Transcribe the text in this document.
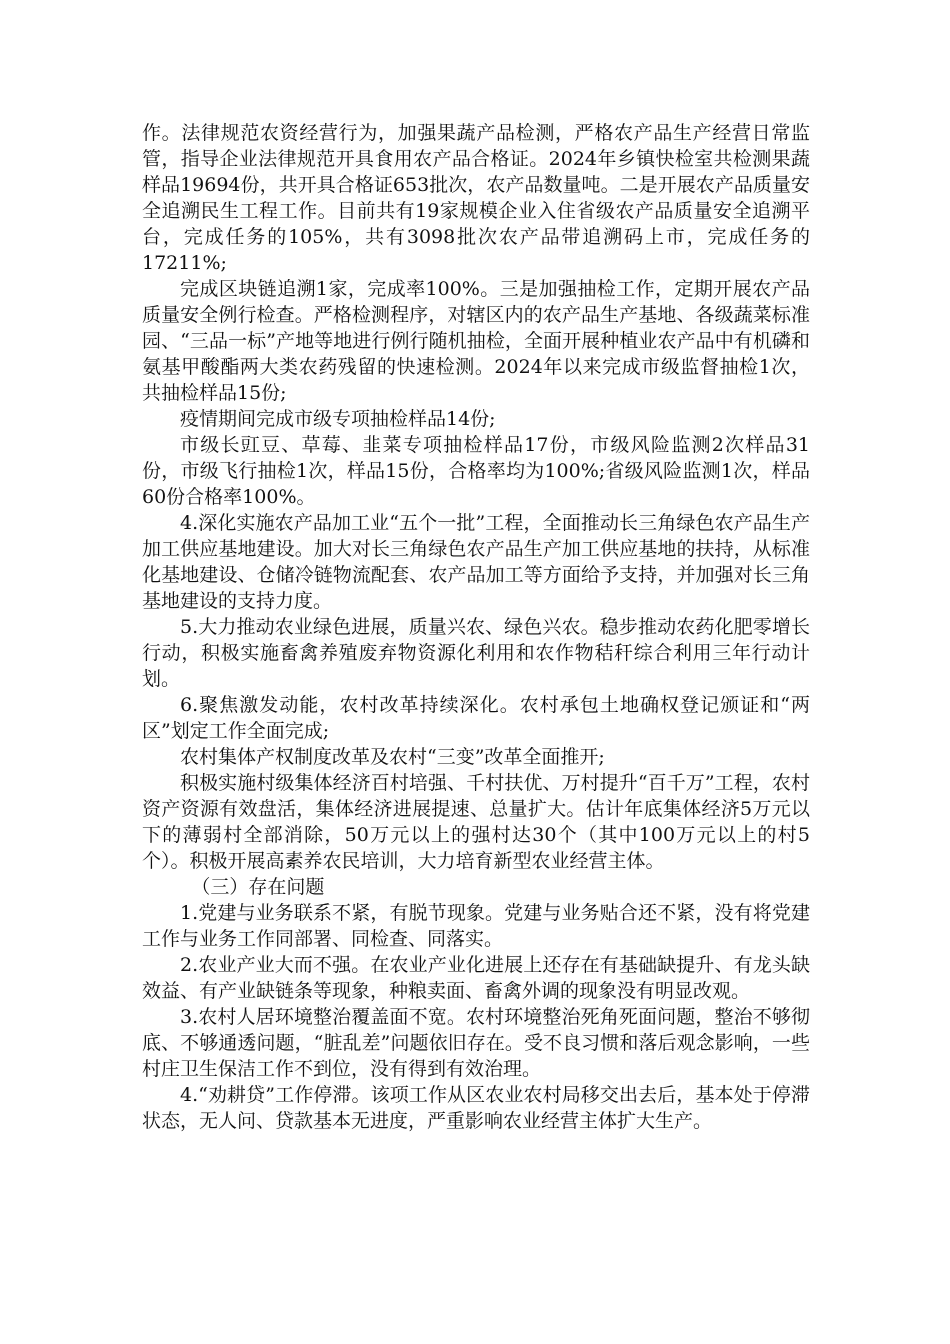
作。法律规范农资经营行为，加强果蔬产品检测，严格农产品生产经营日常监管，指导企业法律规范开具食用农产品合格证。2024年乡镇快检室共检测果蔬样品19694份，共开具合格证653批次，农产品数量吨。二是开展农产品质量安全追溯民生工程工作。目前共有19家规模企业入住省级农产品质量安全追溯平台，完成任务的105%，共有3098批次农产品带追溯码上市，完成任务的17211%;

完成区块链追溯1家，完成率100%。三是加强抽检工作，定期开展农产品质量安全例行检查。严格检测程序，对辖区内的农产品生产基地、各级蔬菜标准园、“三品一标”产地等地进行例行随机抽检，全面开展种植业农产品中有机磷和氨基甲酸酯两大类农药残留的快速检测。2024年以来完成市级监督抽检1次，共抽检样品15份;

疫情期间完成市级专项抽检样品14份;

市级长豇豆、草莓、韭菜专项抽检样品17份，市级风险监测2次样品31份，市级飞行抽检1次，样品15份，合格率均为100%;省级风险监测1次，样品60份合格率100%。

4.深化实施农产品加工业“五个一批”工程，全面推动长三角绿色农产品生产加工供应基地建设。加大对长三角绿色农产品生产加工供应基地的扶持，从标准化基地建设、仓储冷链物流配套、农产品加工等方面给予支持，并加强对长三角基地建设的支持力度。

5.大力推动农业绿色进展，质量兴农、绿色兴农。稳步推动农药化肥零增长行动，积极实施畜禽养殖废弃物资源化利用和农作物秸秆综合利用三年行动计划。

6.聚焦激发动能，农村改革持续深化。农村承包土地确权登记颁证和“两区”划定工作全面完成;

农村集体产权制度改革及农村“三变”改革全面推开;

积极实施村级集体经济百村培强、千村扶优、万村提升“百千万”工程，农村资产资源有效盘活，集体经济进展提速、总量扩大。估计年底集体经济5万元以下的薄弱村全部消除，50万元以上的强村达30个（其中100万元以上的村5个）。积极开展高素养农民培训，大力培育新型农业经营主体。

（三）存在问题

1.党建与业务联系不紧，有脱节现象。党建与业务贴合还不紧，没有将党建工作与业务工作同部署、同检查、同落实。

2.农业产业大而不强。在农业产业化进展上还存在有基础缺提升、有龙头缺效益、有产业缺链条等现象，种粮卖面、畜禽外调的现象没有明显改观。

3.农村人居环境整治覆盖面不宽。农村环境整治死角死面问题，整治不够彻底、不够通透问题，“脏乱差”问题依旧存在。受不良习惯和落后观念影响，一些村庄卫生保洁工作不到位，没有得到有效治理。

4.“劝耕贷”工作停滞。该项工作从区农业农村局移交出去后，基本处于停滞状态，无人问、贷款基本无进度，严重影响农业经营主体扩大生产。
